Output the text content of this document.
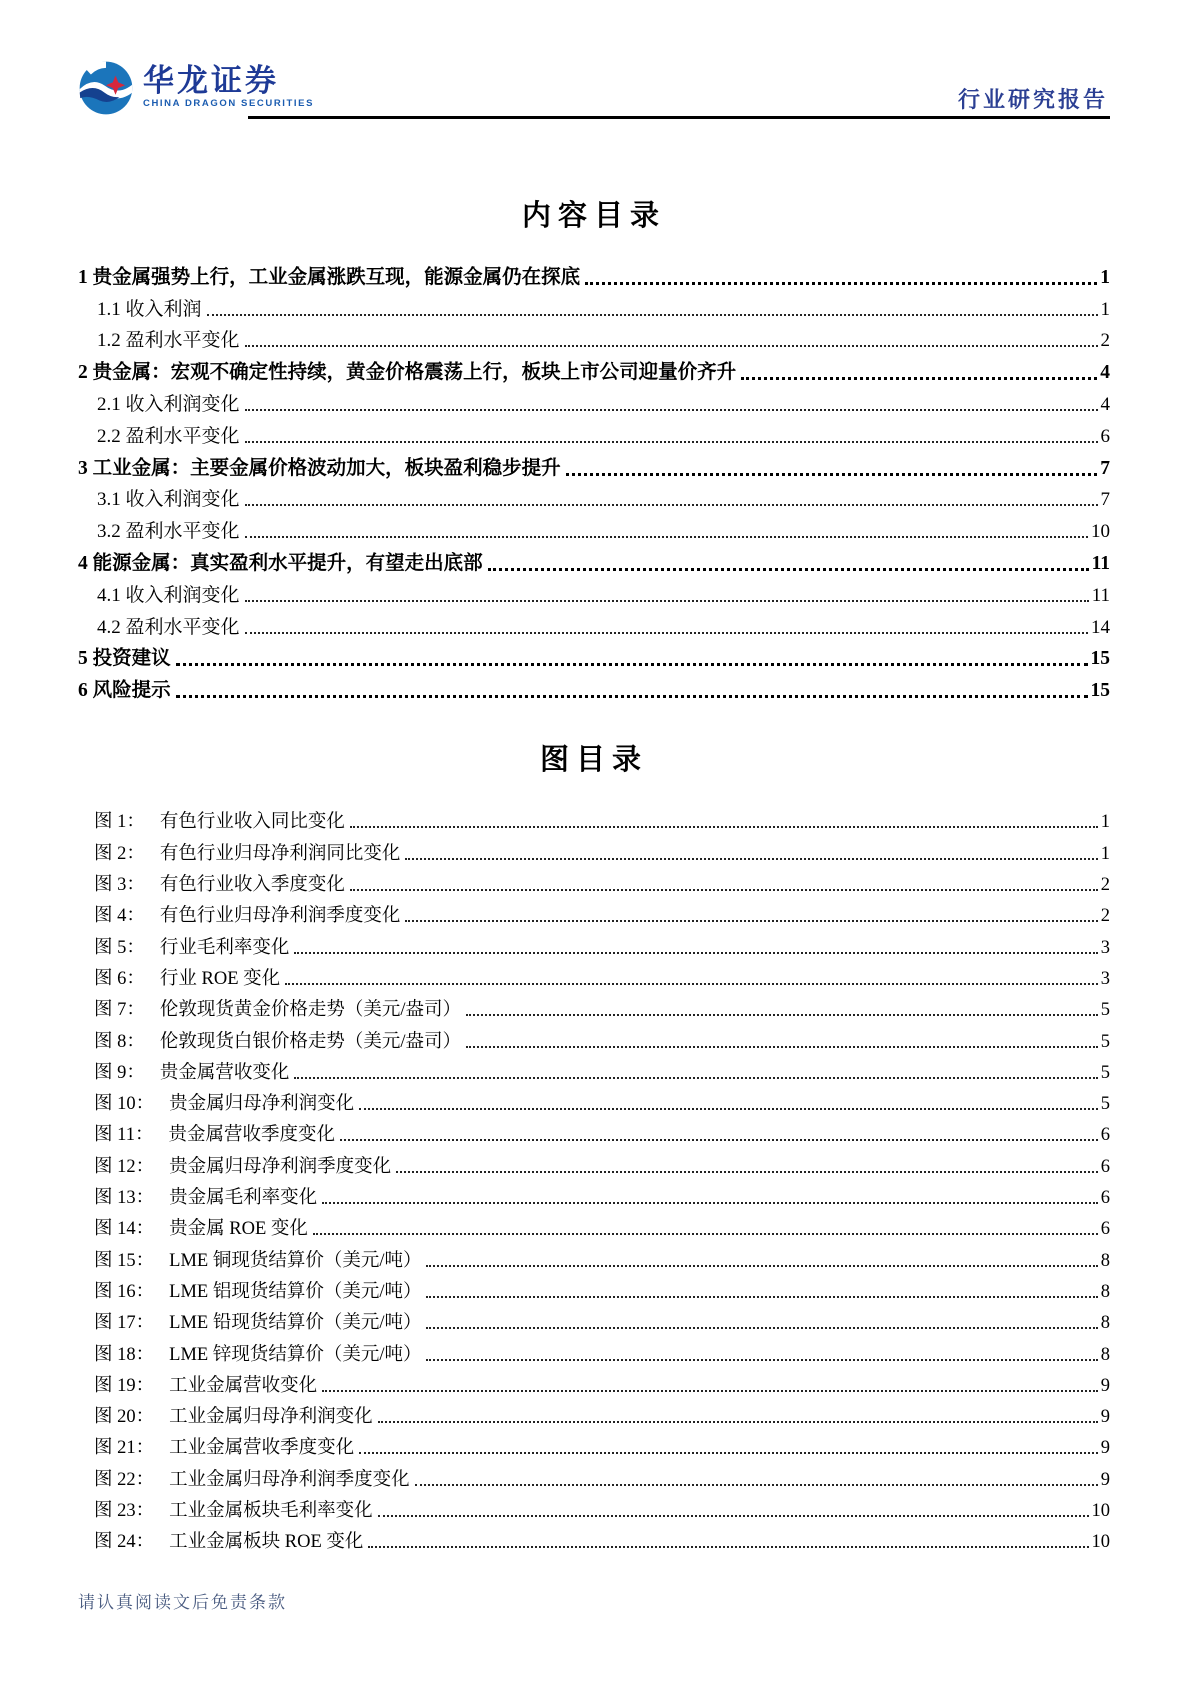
华龙证券
CHINA DRAGON SECURITIES	行业研究报告
内容目录
1 贵金属强势上行，工业金属涨跌互现，能源金属仍在探底	1
1.1 收入利润	1
1.2 盈利水平变化	2
2 贵金属：宏观不确定性持续，黄金价格震荡上行，板块上市公司迎量价齐升	4
2.1 收入利润变化	4
2.2 盈利水平变化	6
3 工业金属：主要金属价格波动加大，板块盈利稳步提升	7
3.1 收入利润变化	7
3.2 盈利水平变化	10
4 能源金属：真实盈利水平提升，有望走出底部	11
4.1 收入利润变化	11
4.2 盈利水平变化	14
5 投资建议	15
6 风险提示	15
图目录
图 1： 有色行业收入同比变化	1
图 2： 有色行业归母净利润同比变化	1
图 3： 有色行业收入季度变化	2
图 4： 有色行业归母净利润季度变化	2
图 5： 行业毛利率变化	3
图 6： 行业 ROE 变化	3
图 7： 伦敦现货黄金价格走势（美元/盎司）	5
图 8： 伦敦现货白银价格走势（美元/盎司）	5
图 9： 贵金属营收变化	5
图 10： 贵金属归母净利润变化	5
图 11： 贵金属营收季度变化	6
图 12： 贵金属归母净利润季度变化	6
图 13： 贵金属毛利率变化	6
图 14： 贵金属 ROE 变化	6
图 15： LME 铜现货结算价（美元/吨）	8
图 16： LME 铝现货结算价（美元/吨）	8
图 17： LME 铅现货结算价（美元/吨）	8
图 18： LME 锌现货结算价（美元/吨）	8
图 19： 工业金属营收变化	9
图 20： 工业金属归母净利润变化	9
图 21： 工业金属营收季度变化	9
图 22： 工业金属归母净利润季度变化	9
图 23： 工业金属板块毛利率变化	10
图 24： 工业金属板块 ROE 变化	10
请认真阅读文后免责条款
